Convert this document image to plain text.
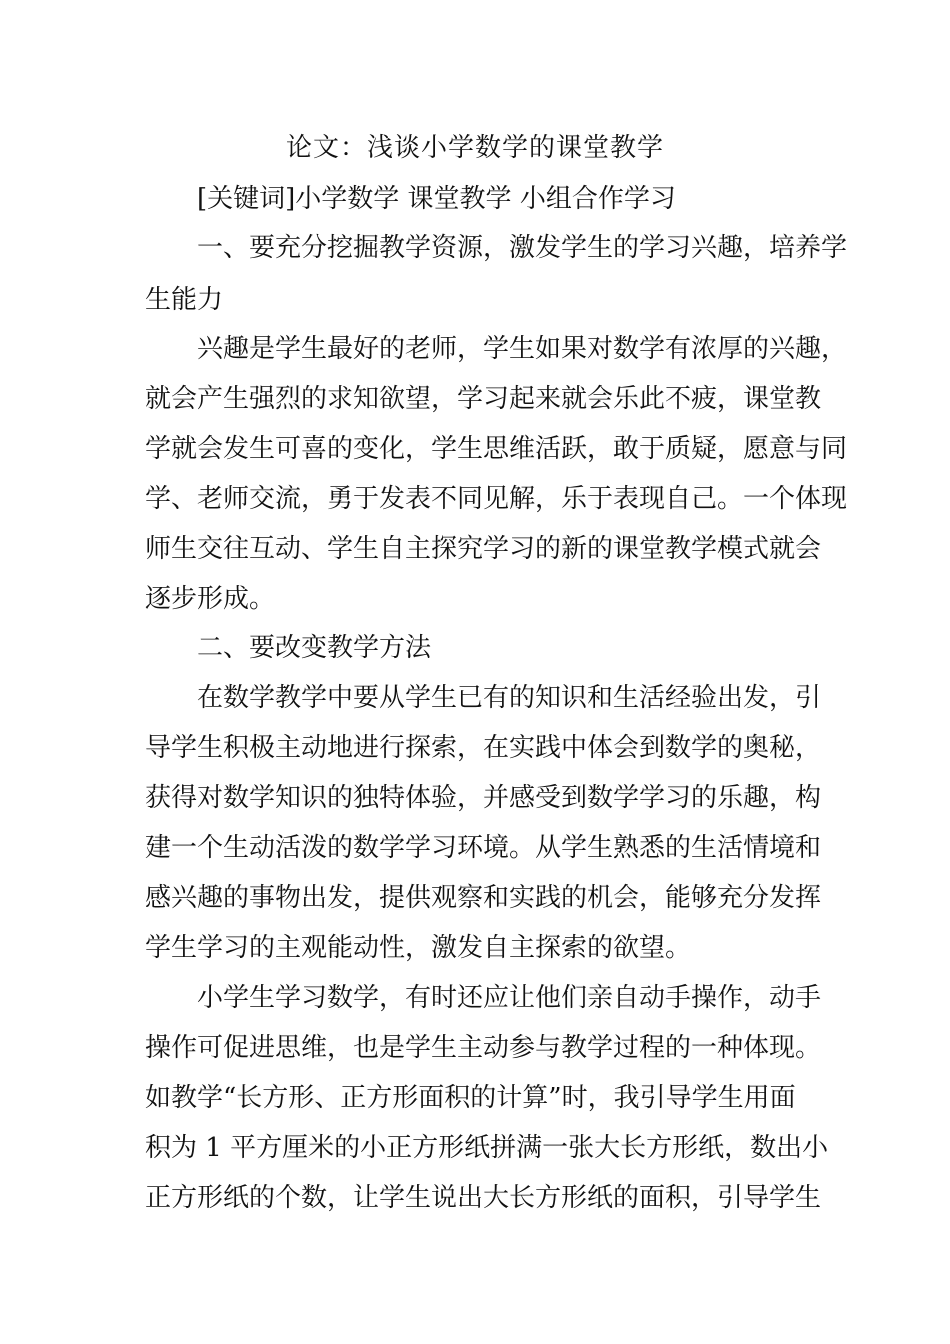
论文：浅谈小学数学的课堂教学
[关键词]小学数学 课堂教学 小组合作学习
一、要充分挖掘教学资源，激发学生的学习兴趣，培养学
生能力
兴趣是学生最好的老师，学生如果对数学有浓厚的兴趣，
就会产生强烈的求知欲望，学习起来就会乐此不疲，课堂教
学就会发生可喜的变化，学生思维活跃，敢于质疑，愿意与同
学、老师交流，勇于发表不同见解，乐于表现自己。一个体现
师生交往互动、学生自主探究学习的新的课堂教学模式就会
逐步形成。
二、要改变教学方法
在数学教学中要从学生已有的知识和生活经验出发，引
导学生积极主动地进行探索，在实践中体会到数学的奥秘，
获得对数学知识的独特体验，并感受到数学学习的乐趣，构
建一个生动活泼的数学学习环境。从学生熟悉的生活情境和
感兴趣的事物出发，提供观察和实践的机会，能够充分发挥
学生学习的主观能动性，激发自主探索的欲望。
小学生学习数学，有时还应让他们亲自动手操作，动手
操作可促进思维，也是学生主动参与教学过程的一种体现。
如教学“长方形、正方形面积的计算”时，我引导学生用面
积为 1 平方厘米的小正方形纸拼满一张大长方形纸，数出小
正方形纸的个数，让学生说出大长方形纸的面积，引导学生
